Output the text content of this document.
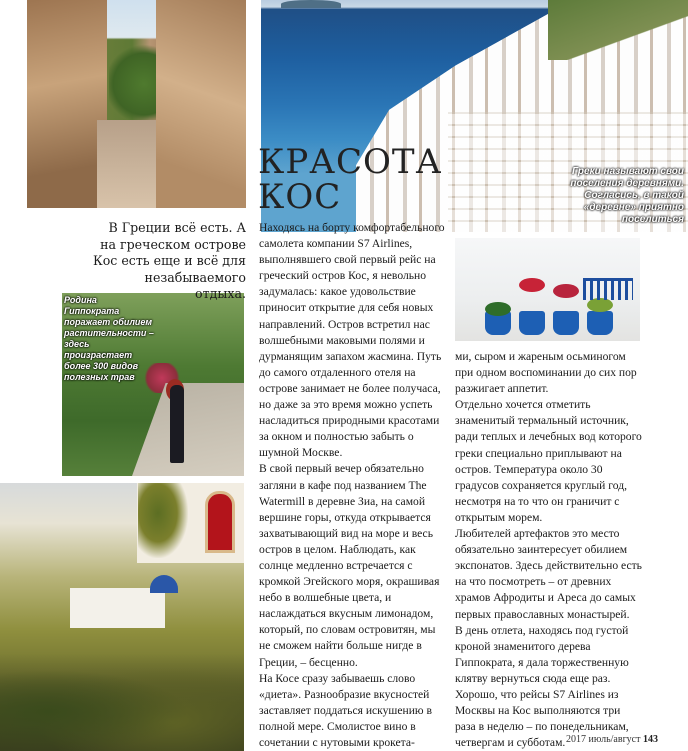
Греки называют свои поселения деревнями. Согласись, в такой «деревне» приятно поселиться
Родина Гиппократа поражает обилием растительности – здесь произрастает более 300 видов полезных трав
КРАСОТА
КОС
В Греции всё есть. А на греческом острове Кос есть еще и всё для незабываемого отдыха.

Находясь на борту комфортабельного самолета компании S7 Airlines, выполнявшего свой первый рейс на греческий остров Кос, я невольно задумалась: какое удовольствие приносит открытие для себя новых направлений. Остров встретил нас волшебными маковыми полями и дурманящим запахом жасмина. Путь до самого отдаленного отеля на острове занимает не более получаса, но даже за это время можно успеть насладиться природными красотами за окном и полностью забыть о шумной Москве.

В свой первый вечер обязательно загляни в кафе под названием The Watermill в деревне Зиа, на самой вершине горы, откуда открывается захватывающий вид на море и весь остров в целом. Наблюдать, как солнце медленно встречается с кромкой Эгейского моря, окрашивая небо в волшебные цвета, и наслаждаться вкусным лимонадом, который, по словам островитян, мы не сможем найти больше нигде в Греции, – бесценно.

На Косе сразу забываешь слово «диета». Разнообразие вкусностей заставляет поддаться искушению в полной мере. Смолистое вино в сочетании с нутовыми крокета-

ми, сыром и жареным осьминогом при одном воспоминании до сих пор разжигает аппетит.

Отдельно хочется отметить знаменитый термальный источник, ради теплых и лечебных вод которого греки специально приплывают на остров. Температура около 30 градусов сохраняется круглый год, несмотря на то что он граничит с открытым морем.

Любителей артефактов это место обязательно заинтересует обилием экспонатов. Здесь действительно есть на что посмотреть – от древних храмов Афродиты и Ареса до самых первых православных монастырей.

В день отлета, находясь под густой кроной знаменитого дерева Гиппократа, я дала торжественную клятву вернуться сюда еще раз. Хорошо, что рейсы S7 Airlines из Москвы на Кос выполняются три раза в неделю – по понедельникам, четвергам и субботам. 2017 июль/август 143
